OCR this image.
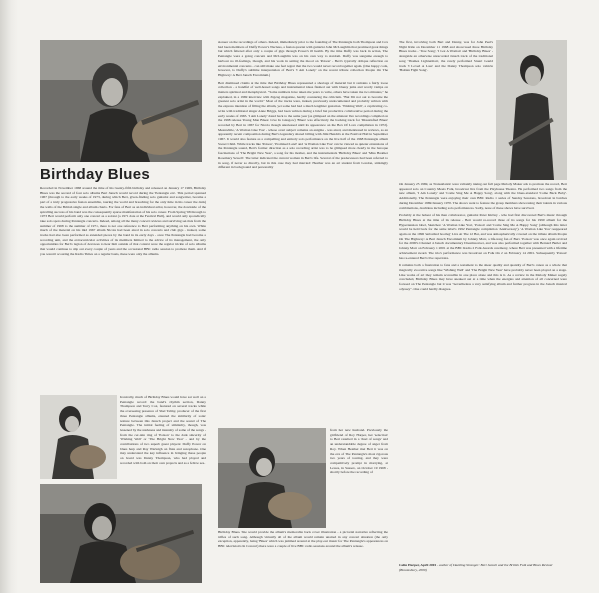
Birthday Blues

Recorded in November 1968 around the time of his twenty-fifth birthday and released on January 17 1969, Birthday Blues was the second of four solo albums Bert Jansch would record during the 'Pentangle era'. This period spanned 1967 (through to the early weeks of 1973, during which Bert, given-finding solo guitarist and songwriter, became a part of a truly progressive fusion ensemble, touring the world and breaching for the only time in his career the dark) the walls of the British single and album charts. For fans of Bert as an individual artist, however, the downside of the spiralling success of his band was the consequently sparse manifestation of his solo career. From Spring '68 through to 1973 Bert would perform only one concert as a soloist (a 1971 date at the Festival Hall), and would only sporadically take solo spots during Pentangle concerts. Indeed, among all the many concert reviews and surviving set-lists from the summer of 1968 to the summer of 1971, there is not one reference to Bert performing anything on his own. While much of the material on his mid 1967 album Nicola had been aired in solo concerts and club gigs - indeed, some tracks had also been performed as extended pieces by the band in its early days - once The Pentangle had become a recording unit, and the extracurricular activities of its members limited to the advice of its management, the only opportunities for Bert's legion of devotees to hear him outside of that context were the regular trickle of solo albums that would continue to slip out every couple of years and the occasional BBC radio session to promote them. And if you weren't scouring the Radio Times on a regular basis, these were only the albums.

Ironically, much of Birthday Blues would have sat well on a Pentangle record: the band's rhythm section, Danny Thompson and Terry Cox, featured on several tracks while the overseeing presence of Shel Talmy, producer of the first three Pentangle albums, ensured the similarity of sonic texture between this Jansch project and the sound of The Pentangle. The initial feeling of similarity, though, was lessened by the starkness and intensity of some of the songs - from the cer-tain ring of 'Poison' to the dark sincerity of 'Wishing Well' or 'The Bright New Year' - and by the contributions of two superb guest players: Duffy Power on blues harp and Ray Warleigh on flute and saxophone. One may understand the key influence in bringing these people on board was Danny Thompson, who had played and recorded with both on their own projects and as a fellow ses-

sioneer on the recordings of others. Indeed, immediately prior to the founding of The Pentangle both Thompson and Cox had been members of Duffy Power's Nucleus, a fusion quartet with guitarist John McLaughlin that promised great things but which faltered after only a couple of gigs through Power's ill health. By the time Duffy was back in action, The Pentangle were a going concern and McLaughlin was on his own way to stardom. Duffy was sanguine enough to harbour no ill-feelings, though, and his work in setting the mood on 'Poison' - Bert's typically oblique reflection on environmental concerns - can still make one feel regret that the two would never record together again. (One happy coda, however, is Duffy's sublime interpretation of Bert's 'I Am Lonely' on the recent tribute collection People On The Highway: A Bert Jansch Encomium.)

Bert dismissed claims at the time that Birthday Blues represented a shortage of material but it remains a fairly loose collection - a handful of well-honed songs and instrumental ideas fleshed out with bluesy jams and wordy vamps on matters spiritual and metaphysical. "Some numbers have taken me years to write, others have taken me two minutes," he explained, in a 1969 interview with Zigzag magazine, hardly countering the criticism. "But I'm not out to become the greatest solo artist in the world." Most of the tracks were, indeed, previously undocumented and probably written with the express intention of filling the album, yet some had had a much lengthier gestation. 'Wishing Well', a captivating co-write with traditional singer Anne Briggs, had been written during a brief but productive collaborative period during the early weeks of 1965. 'I Am Lonely' dated back to the same year (as glimpsed on the amateur live recordings compiled on the 1998 release Young Man Blues: Live In Glasgow) 'Blues' was effectively the backing track for 'Dissatisfied Blues' recorded by Bert in 1967 for Nicola though unreleased until its appearance on the Box Of Love compilation in 1972). Meanwhile, 'A Woman Like You' - whose overt subject remains an enigma - was aired, and mentioned in reviews, as an apparently recent composition during Bert's legendary shared billing with Jimi Hendrix at the Festival Hall in September 1967. It would also feature as a compelling and entirely solo performance on the live half of the 1968 Pentangle album Sweet Child. While tracks like 'Poison', 'Promised Land' and 'A Woman Like You' can be viewed as quieter extensions of the Pentangle sound, Bert's former direction as a solo recording artist was to be glimpsed more clearly in the baroque fascinations of 'The Bright New Year', a song for his mother, and the instrumentals 'Birthday Blues' and 'Miss Heather Rosemary Sewell'. The latter indicated the current woman in Bert's life. Several of the predecessors had been referred to in song, if never so directly, but in this case they had married: Heather was an art student from London, strikingly different in background and personality

from her new husband. Previously the girlfriend of Roy Harper, her 'selection' to Bert resulted in a 'duel of songs' and an understandable degree of anger from Roy. When Heather met Bert it was on the eve of The Pentangle's most rigorous two years of touring, and they were competitively prompt in marrying, at Lewes, in Sussex, on October 19 1968 - shortly before the recording of
Birthday Blues. She would provide the album's memorable back cover illustration - a pictorial narrative reflecting the trifles of such song. Although virtually all of the album would remain unaired in any concert situation (the only exception, apparently, being 'Blues' which was jammed around at the play-out music for The Pentangle's appearances on BBC television's In Concert) there were a couple of live BBC radio sessions around the album's release.
The first, involving both Bert and Danny, was for John Peel's Night Ride on December 11 1968 and showcased three Birthday Blues tracks - 'Tree Song', 'I Got A Woman' and 'Birthday Blues' - alongside an otherwise unrecorded Jansch track of the traditional song 'Thames Lighterman', the rarely performed Stuart Gould track 'I Loved A Lass' and the Danny Thompson solo vehicle 'Haitian Fight Song'.

On January 25 1969, as Transatlantic were valiantly taking out full page Melody Maker ads to promote the record, Bert appeared solo on Country Meets Folk, broadcast live from the Playhouse Theatre. He performed two songs from the new album, 'I Am Lonely' and 'Come Sing Me A Happy Song', along with the blues-standard 'Come Back Baby'. Additionally, The Pentangle were enjoying their own BBC Radio 1 series of Sunday Sessions, broadcast in batches during December 1969/January 1970. The shows went to feature the group members showcasing their talents in various combinations, doubtless including solo performances. Sadly, none of these shows have survived.

Probably at the behest of his then collaborator, guitarist Peter Kirtley - who had first discovered Bert's music through Birthday Blues at the time of its release - Bert would re-record three of its songs for his 1990 album for the Hypertension label, Sketches: 'A Woman Like You', 'Poison' and 'Come Sing Me A Happy Song' (although this latter would be held back for the same label's 1992 Pentangle compilation 'Anniversary'). 'A Woman Like You' reappeared again on the 1996 'unbottled bootleg' Live At The 12 Bar, and was atmospherically covered on the tribute album People On The Highway: A Bert Jansch Encomium by Johnny Marr, a life-long fan of Bert. 'Poison' was once again revived for the 2000's Channel 4 Jansch documentary Dreamweaver, and was also performed together with Bernard Butler and Johnny Marr on February 1 2001 at the BBC Radio 2 Folk Awards ceremony, where Bert was presented with a lifetime achievement award. The trio's performance was broadcast on Folk On 2 on February 14 2001. Subsequently 'Poison' has re-entered Bert's live repertoire.

It remains both a frustration to fans and a testament to the sheer quality and quantity of Bert's canon as a whole that magically evocative songs like 'Wishing Well' and 'The Bright New Year' have probably never been played on a stage. Like works of art they remain accessible in one place alone and this is it. As a review in the Melody Maker sagely concluded, Birthday Blues may have sneaked out at a time when the energies and attention of all concerned were focused on The Pentangle but it was "nevertheless a very satisfying album and further progress in the Jansch musical odyssey". One could hardly disagree.

Colin Harper, April 2001 - author of Dazzling Stranger: Bert Jansch and the British Folk and Blues Revival (Bloomsbury, 2000)
